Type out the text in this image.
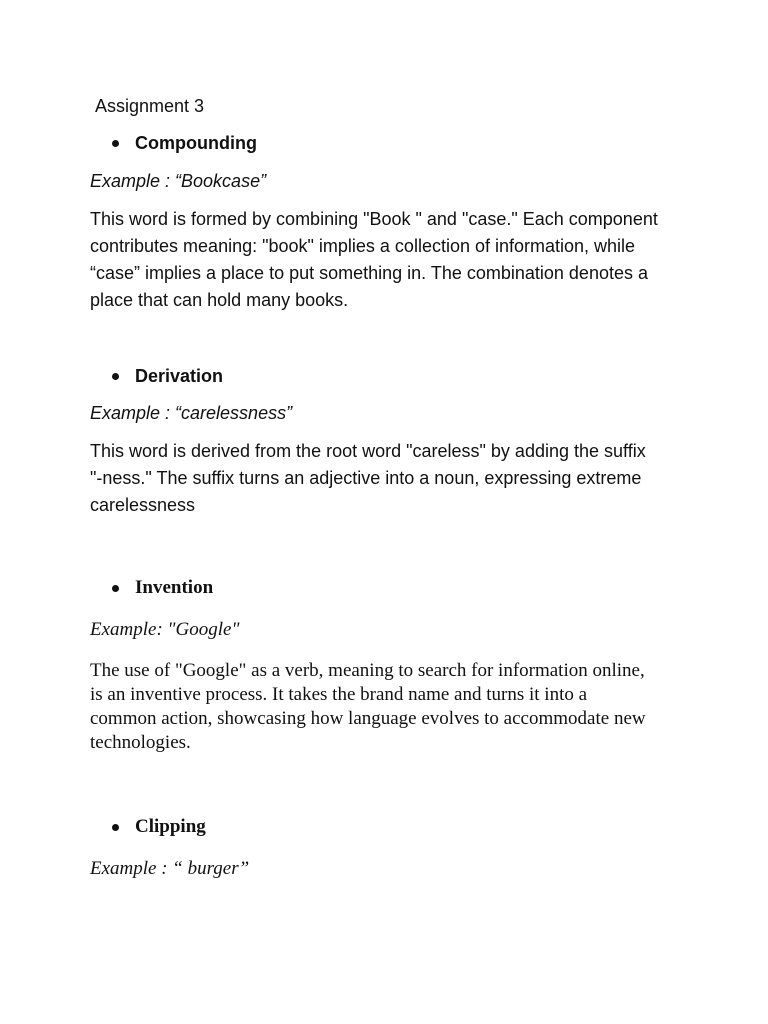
Assignment 3
Compounding
Example : “Bookcase”

This word is formed by combining "Book " and "case." Each component
contributes meaning: "book" implies a collection of information, while
“case” implies a place to put something in. The combination denotes a
place that can hold many books.

Derivation
Example : “carelessness”

This word is derived from the root word "careless" by adding the suffix
"-ness." The suffix turns an adjective into a noun, expressing extreme
carelessness

Invention
Example: "Google"

The use of "Google" as a verb, meaning to search for information online,
is an inventive process. It takes the brand name and turns it into a
common action, showcasing how language evolves to accommodate new
technologies.

Clipping
Example : “ burger”
